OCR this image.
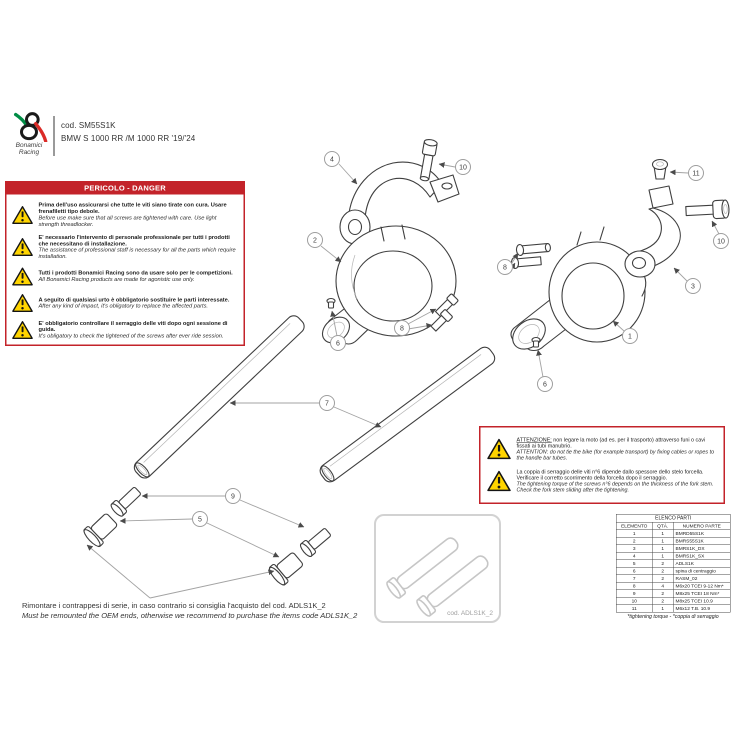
4
10
11
2	10
8
3
8
1
6
6
7
9
5
Bonamici
Racing
cod. SM55S1K
BMW S 1000 RR /M 1000 RR '19/'24
PERICOLO - DANGER
Prima dell'uso assicurarsi che tutte le viti siano tirate con cura. Usare frenafiletti tipo debole.
Before use make sure that all screws are tightened with care. Use light strength threadlocker.
E' necessario l'intervento di personale professionale per tutti i prodotti che necessitano di installazione.
The assistance of professional staff is necessary for all the parts which require installation.
Tutti i prodotti Bonamici Racing sono da usare solo per le competizioni.
All Bonamici Racing products are made for agonistic use only.
A seguito di qualsiasi urto è obbligatorio sostituire le parti interessate.
After any kind of impact, it's obligatory to replace the affected parts.
E' obbligatorio controllare il serraggio delle viti dopo ogni sessione di guida.
It's obligatory to check the tightened of the screws after ever ride session.
ATTENZIONE: non legare la moto (ad es. per il trasporto) attraverso funi o cavi fissati ai tubi manubrio.
ATTENTION: do not tie the bike (for example transport) by fixing cables or ropes to the handle bar tubes.
La coppia di serraggio delle viti n°6 dipende dallo spessore dello stelo forcella. Verificare il corretto scorrimento della forcella dopo il serraggio.
The tightening torque of the screws n°6 depends on the thickness of the fork stem. Check the fork stem sliding after the tightening.
cod. ADLS1K_2
ELENCO PARTI		
ELEMENTO	QTÀ.	NUMERO PARTE
1	1	BMRD55S1K
2	1	BMRS55S1K
3	1	BMRS1K_DX
4	1	BMRS1K_SX
5	2	ADLS1K
6	2	spina di centraggio
7	2	RASM_02
8	4	M6x20 TCEI 9-12 Nm*
9	2	M8x25 TCEI 18 Nm*
10	2	M8x25 TCEI 10.9
11	1	M6x12 T.B. 10.9
*tightening torque - *coppia di serraggio
Rimontare i contrappesi di serie, in caso contrario si consiglia l'acquisto del cod. ADLS1K_2
Must be remounted the OEM ends, otherwise we recommend to purchase the items code ADLS1K_2
